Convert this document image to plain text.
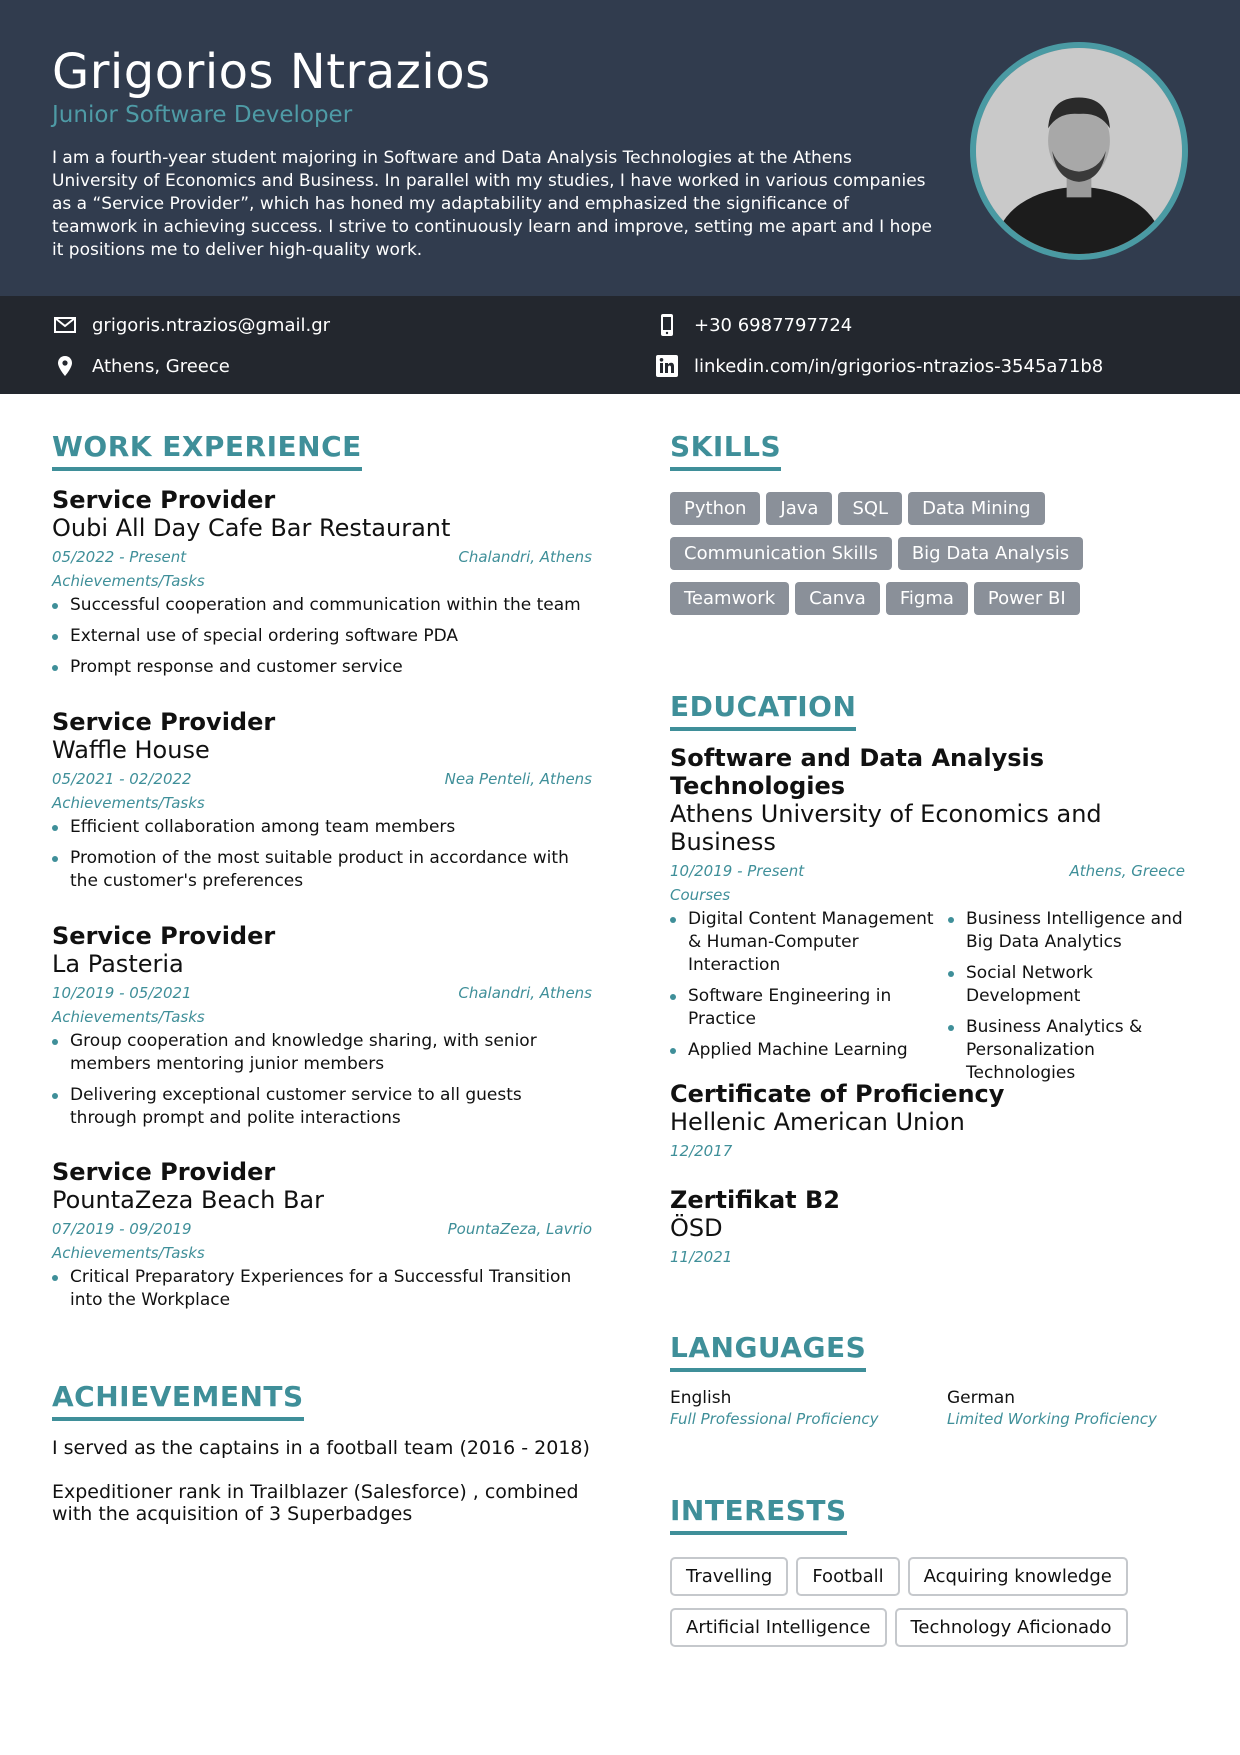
Grigorios Ntrazios
Junior Software Developer
I am a fourth-year student majoring in Software and Data Analysis Technologies at the Athens University of Economics and Business. In parallel with my studies, I have worked in various companies as a “Service Provider”, which has honed my adaptability and emphasized the significance of teamwork in achieving success. I strive to continuously learn and improve, setting me apart and I hope it positions me to deliver high-quality work.
grigoris.ntrazios@gmail.gr	+30 6987797724
Athens, Greece	linkedin.com/in/grigorios-ntrazios-3545a71b8
WORK EXPERIENCE
Service Provider
Oubi All Day Cafe Bar Restaurant
05/2022 - Present	Chalandri, Athens
Achievements/Tasks
Successful cooperation and communication within the team
External use of special ordering software PDA
Prompt response and customer service
Service Provider
Waffle House
05/2021 - 02/2022	Nea Penteli, Athens
Achievements/Tasks
Efficient collaboration among team members
Promotion of the most suitable product in accordance with the customer's preferences
Service Provider
La Pasteria
10/2019 - 05/2021	Chalandri, Athens
Achievements/Tasks
Group cooperation and knowledge sharing, with senior members mentoring junior members
Delivering exceptional customer service to all guests through prompt and polite interactions
Service Provider
PountaZeza Beach Bar
07/2019 - 09/2019	PountaZeza, Lavrio
Achievements/Tasks
Critical Preparatory Experiences for a Successful Transition into the Workplace
ACHIEVEMENTS
I served as the captains in a football team (2016 - 2018)
Expeditioner rank in Trailblazer (Salesforce) , combined with the acquisition of 3 Superbadges
SKILLS
Python Java SQL Data Mining
Communication Skills Big Data Analysis
Teamwork Canva Figma Power BI
EDUCATION
Software and Data Analysis Technologies
Athens University of Economics and Business
10/2019 - Present	Athens, Greece
Courses
Digital Content Management & Human-Computer Interaction
Software Engineering in Practice
Applied Machine Learning
Business Intelligence and Big Data Analytics
Social Network Development
Business Analytics & Personalization Technologies
Certificate of Proficiency
Hellenic American Union
12/2017
Zertifikat B2
ÖSD
11/2021
LANGUAGES
English
Full Professional Proficiency
German
Limited Working Proficiency
INTERESTS
Travelling Football Acquiring knowledge
Artificial Intelligence Technology Aficionado
